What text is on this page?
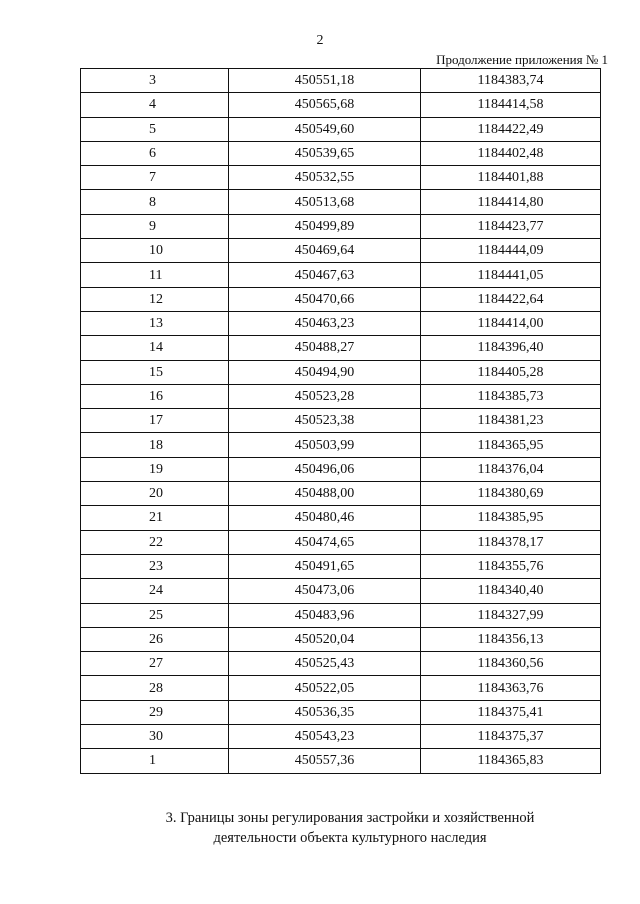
2
Продолжение приложения № 1
3	450551,18	1184383,74
4	450565,68	1184414,58
5	450549,60	1184422,49
6	450539,65	1184402,48
7	450532,55	1184401,88
8	450513,68	1184414,80
9	450499,89	1184423,77
10	450469,64	1184444,09
11	450467,63	1184441,05
12	450470,66	1184422,64
13	450463,23	1184414,00
14	450488,27	1184396,40
15	450494,90	1184405,28
16	450523,28	1184385,73
17	450523,38	1184381,23
18	450503,99	1184365,95
19	450496,06	1184376,04
20	450488,00	1184380,69
21	450480,46	1184385,95
22	450474,65	1184378,17
23	450491,65	1184355,76
24	450473,06	1184340,40
25	450483,96	1184327,99
26	450520,04	1184356,13
27	450525,43	1184360,56
28	450522,05	1184363,76
29	450536,35	1184375,41
30	450543,23	1184375,37
1	450557,36	1184365,83
3. Границы зоны регулирования застройки и хозяйственной
деятельности объекта культурного наследия
